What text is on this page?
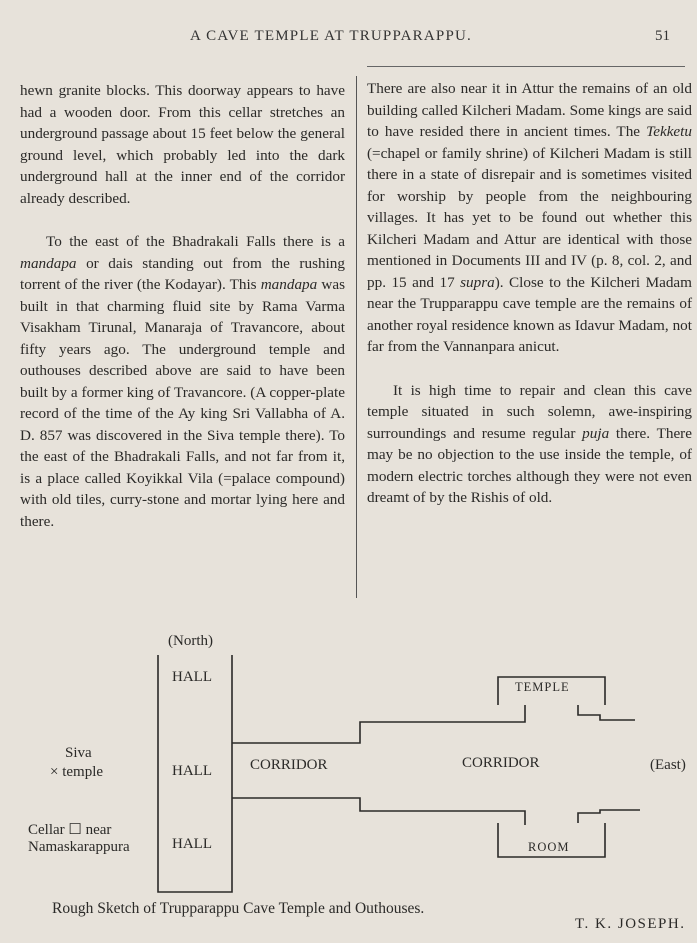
A CAVE TEMPLE AT TRUPPARAPPU.	51

hewn granite blocks. This doorway appears to have had a wooden door. From this cellar stretches an underground passage about 15 feet below the general ground level, which probably led into the dark underground hall at the inner end of the corridor already described.

To the east of the Bhadrakali Falls there is a mandapa or dais standing out from the rushing torrent of the river (the Kodayar). This mandapa was built in that charming fluid site by Rama Varma Visakham Tirunal, Manaraja of Travancore, about fifty years ago. The underground temple and outhouses described above are said to have been built by a former king of Travancore. (A copper-plate record of the time of the Ay king Sri Vallabha of A. D. 857 was discovered in the Siva temple there). To the east of the Bhadrakali Falls, and not far from it, is a place called Koyikkal Vila (=palace compound) with old tiles, curry-stone and mortar lying here and there.

There are also near it in Attur the remains of an old building called Kilcheri Madam. Some kings are said to have resided there in ancient times. The Tekketu (=chapel or family shrine) of Kilcheri Madam is still there in a state of disrepair and is sometimes visited for worship by people from the neighbouring villages. It has yet to be found out whether this Kilcheri Madam and Attur are identical with those mentioned in Documents III and IV (p. 8, col. 2, and pp. 15 and 17 supra). Close to the Kilcheri Madam near the Trupparappu cave temple are the remains of another royal residence known as Idavur Madam, not far from the Vannanpara anicut.

It is high time to repair and clean this cave temple situated in such solemn, awe-inspiring surroundings and resume regular puja there. There may be no objection to the use inside the temple, of modern electric torches although they were not even dreamt of by the Rishis of old.

(North)
HALL
HALL
HALL
CORRIDOR	CORRIDOR	(East)
TEMPLE
ROOM
Siva
× temple
Cellar ☐ near
Namaskarappura
Rough Sketch of Trupparappu Cave Temple and Outhouses.
T. K. JOSEPH.
